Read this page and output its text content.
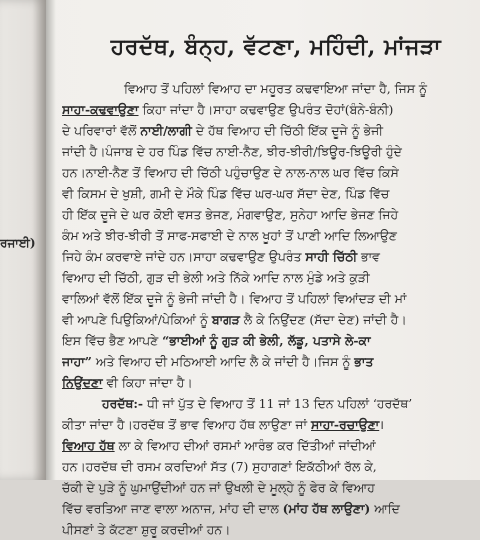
ਰਜਾਈ)
ਹਰਦੱਥ, ਬੰਨ੍ਹ, ਵੱਟਣਾ, ਮਹਿੰਦੀ, ਮਾਂਜੜਾ
ਵਿਆਹ ਤੋਂ ਪਹਿਲਾਂ ਵਿਆਹ ਦਾ ਮਹੂਰਤ ਕਢਵਾਇਆ ਜਾਂਦਾ ਹੈ, ਜਿਸ ਨੂੰ
ਸਾਹਾ-ਕਢਵਾਉਣਾ ਕਿਹਾ ਜਾਂਦਾ ਹੈ।ਸਾਹਾ ਕਢਵਾਉਣ ਉਪਰੰਤ ਦੋਹਾਂ(ਬੰਨੇ-ਬੰਨੀ)
ਦੇ ਪਰਿਵਾਰਾਂ ਵੱਲੋਂ ਨਾਈ/ਲਾਗੀ ਦੇ ਹੱਥ ਵਿਆਹ ਦੀ ਚਿੱਠੀ ਇੱਕ ਦੂਜੇ ਨੂੰ ਭੇਜੀ
ਜਾਂਦੀ ਹੈ।ਪੰਜਾਬ ਦੇ ਹਰ ਪਿੰਡ ਵਿੱਚ ਨਾਈ-ਨੈਣ, ਝੀਰ-ਝੀਰੀ/ਝਿਊਰ-ਝਿਊਰੀ ਹੁੰਦੇ
ਹਨ।ਨਾਈ-ਨੈਣ ਤੋਂ ਵਿਆਹ ਦੀ ਚਿੱਠੀ ਪਹੁੰਚਾਉਣ ਦੇ ਨਾਲ-ਨਾਲ ਘਰ ਵਿੱਚ ਕਿਸੇ
ਵੀ ਕਿਸਮ ਦੇ ਖੁਸ਼ੀ, ਗਮੀ ਦੇ ਮੌਕੇ ਪਿੰਡ ਵਿੱਚ ਘਰ-ਘਰ ਸੱਦਾ ਦੇਣ, ਪਿੰਡ ਵਿੱਚ
ਹੀ ਇੱਕ ਦੂਜੇ ਦੇ ਘਰ ਕੋਈ ਵਸਤ ਭੇਜਣ, ਮੰਗਵਾਉਣ, ਸੁਨੇਹਾ ਆਦਿ ਭੇਜਣ ਜਿਹੇ
ਕੰਮ ਅਤੇ ਝੀਰ-ਝੀਰੀ ਤੋਂ ਸਾਫ-ਸਫਾਈ ਦੇ ਨਾਲ ਖੂਹਾਂ ਤੋਂ ਪਾਣੀ ਆਦਿ ਲਿਆਉਣ
ਜਿਹੇ ਕੰਮ ਕਰਵਾਏ ਜਾਂਦੇ ਹਨ।ਸਾਹਾ ਕਢਵਾਉਣ ਉਪਰੰਤ ਸਾਹੀ ਚਿੱਠੀ ਭਾਵ
ਵਿਆਹ ਦੀ ਚਿੱਠੀ, ਗੁੜ ਦੀ ਭੇਲੀ ਅਤੇ ਨਿੱਕੇ ਆਦਿ ਨਾਲ ਮੁੰਡੇ ਅਤੇ ਕੁੜੀ
ਵਾਲਿਆਂ ਵੱਲੋਂ ਇੱਕ ਦੂਜੇ ਨੂੰ ਭੇਜੀ ਜਾਂਦੀ ਹੈ। ਵਿਆਹ ਤੋਂ ਪਹਿਲਾਂ ਵਿਆਂਦੜ ਦੀ ਮਾਂ
ਵੀ ਆਪਣੇ ਪਿਉਕਿਆਂ/ਪੇਕਿਆਂ ਨੂੰ ਬਾਗੜ ਲੈ ਕੇ ਨਿਉਂਦਣ (ਸੱਦਾ ਦੇਣ) ਜਾਂਦੀ ਹੈ।
ਇਸ ਵਿੱਚ ਭੈਣ ਆਪਣੇ “ਭਾਈਆਂ ਨੂੰ ਗੁੜ ਕੀ ਭੇਲੀ, ਲੱਡੂ, ਪਤਾਸੇ ਲੇ-ਕਾ
ਜਾਹਾ” ਅਤੇ ਵਿਆਹ ਦੀ ਮਠਿਆਈ ਆਦਿ ਲੈ ਕੇ ਜਾਂਦੀ ਹੈ।ਜਿਸ ਨੂੰ ਭਾਤ
ਨਿਉਂਦਣਾ ਵੀ ਕਿਹਾ ਜਾਂਦਾ ਹੈ।
ਹਰਦੱਥ:- ਧੀ ਜਾਂ ਪੁੱਤ ਦੇ ਵਿਆਹ ਤੋਂ 11 ਜਾਂ 13 ਦਿਨ ਪਹਿਲਾਂ ‘ਹਰਦੱਥ’
ਕੀਤਾ ਜਾਂਦਾ ਹੈ।ਹਰਦੱਥ ਤੋਂ ਭਾਵ ਵਿਆਹ ਹੱਥ ਲਾਉਣਾ ਜਾਂ ਸਾਹਾ-ਰਚਾਉਣਾ।
ਵਿਆਹ ਹੱਥ ਲਾ ਕੇ ਵਿਆਹ ਦੀਆਂ ਰਸਮਾਂ ਆਰੰਭ ਕਰ ਦਿੱਤੀਆਂ ਜਾਂਦੀਆਂ
ਹਨ।ਹਰਦੱਥ ਦੀ ਰਸਮ ਕਰਦਿਆਂ ਸੱਤ (7) ਸੁਹਾਗਣਾਂ ਇਕੱਠੀਆਂ ਰੱਲ ਕੇ,
ਚੱਕੀ ਦੇ ਪੁੜੇ ਨੂੰ ਘੁਮਾਉਂਦੀਆਂ ਹਨ ਜਾਂ ਉਖਲੀ ਦੇ ਮੂਲ੍ਹੇ ਨੂੰ ਫੇਰ ਕੇ ਵਿਆਹ
ਵਿੱਚ ਵਰਤਿਆ ਜਾਣ ਵਾਲਾ ਅਨਾਜ, ਮਾਂਹ ਦੀ ਦਾਲ (ਮਾਂਹ ਹੱਥ ਲਾਉਣਾ) ਆਦਿ
ਪੀਸਣਾਂ ਤੇ ਕੱਟਣਾ ਸ਼ੁਰੂ ਕਰਦੀਆਂ ਹਨ।
